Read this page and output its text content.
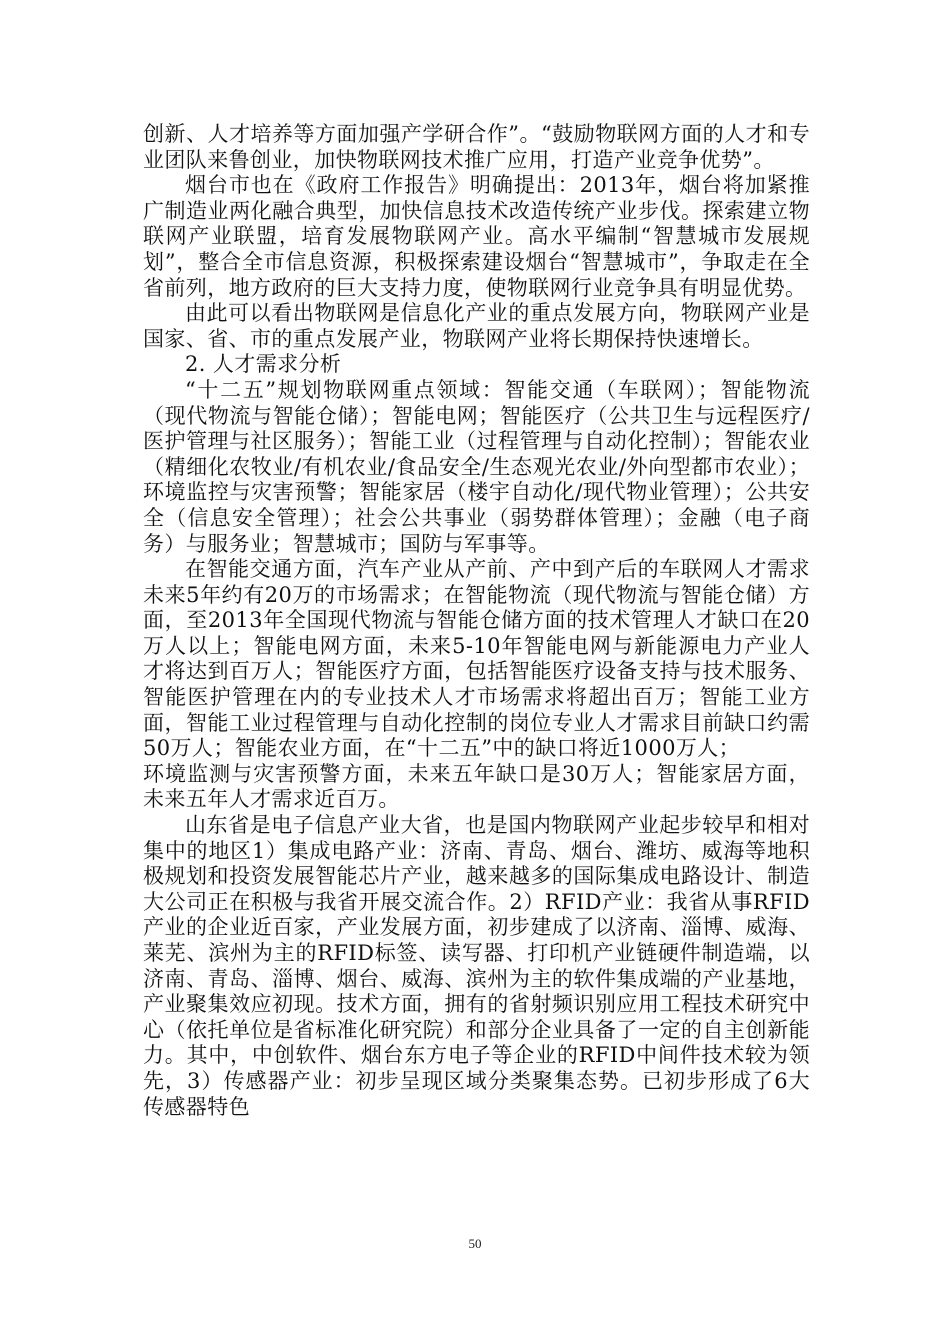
创新、人才培养等方面加强产学研合作”。“鼓励物联网方面的人才和专业团队来鲁创业，加快物联网技术推广应用，打造产业竞争优势”。

烟台市也在《政府工作报告》明确提出：2013年，烟台将加紧推广制造业两化融合典型，加快信息技术改造传统产业步伐。探索建立物联网产业联盟，培育发展物联网产业。高水平编制“智慧城市发展规划”，整合全市信息资源，积极探索建设烟台“智慧城市”，争取走在全省前列，地方政府的巨大支持力度，使物联网行业竞争具有明显优势。

由此可以看出物联网是信息化产业的重点发展方向，物联网产业是国家、省、市的重点发展产业，物联网产业将长期保持快速增长。

2. 人才需求分析

“十二五”规划物联网重点领域：智能交通（车联网）；智能物流（现代物流与智能仓储）；智能电网；智能医疗（公共卫生与远程医疗/医护管理与社区服务）；智能工业（过程管理与自动化控制）；智能农业（精细化农牧业/有机农业/食品安全/生态观光农业/外向型都市农业）；环境监控与灾害预警；智能家居（楼宇自动化/现代物业管理）；公共安全（信息安全管理）；社会公共事业（弱势群体管理）；金融（电子商务）与服务业；智慧城市；国防与军事等。

在智能交通方面，汽车产业从产前、产中到产后的车联网人才需求未来5年约有20万的市场需求；在智能物流（现代物流与智能仓储）方面，至2013年全国现代物流与智能仓储方面的技术管理人才缺口在20万人以上；智能电网方面，未来5-10年智能电网与新能源电力产业人才将达到百万人；智能医疗方面，包括智能医疗设备支持与技术服务、智能医护管理在内的专业技术人才市场需求将超出百万；智能工业方面，智能工业过程管理与自动化控制的岗位专业人才需求目前缺口约需50万人；智能农业方面，在“十二五”中的缺口将近1000万人；

环境监测与灾害预警方面，未来五年缺口是30万人；智能家居方面，未来五年人才需求近百万。

山东省是电子信息产业大省，也是国内物联网产业起步较早和相对集中的地区1）集成电路产业：济南、青岛、烟台、潍坊、威海等地积极规划和投资发展智能芯片产业，越来越多的国际集成电路设计、制造大公司正在积极与我省开展交流合作。2）RFID产业：我省从事RFID产业的企业近百家，产业发展方面，初步建成了以济南、淄博、威海、莱芜、滨州为主的RFID标签、读写器、打印机产业链硬件制造端，以济南、青岛、淄博、烟台、威海、滨州为主的软件集成端的产业基地，产业聚集效应初现。技术方面，拥有的省射频识别应用工程技术研究中心（依托单位是省标准化研究院）和部分企业具备了一定的自主创新能力。其中，中创软件、烟台东方电子等企业的RFID中间件技术较为领先，3）传感器产业：初步呈现区域分类聚集态势。已初步形成了6大传感器特色

50
